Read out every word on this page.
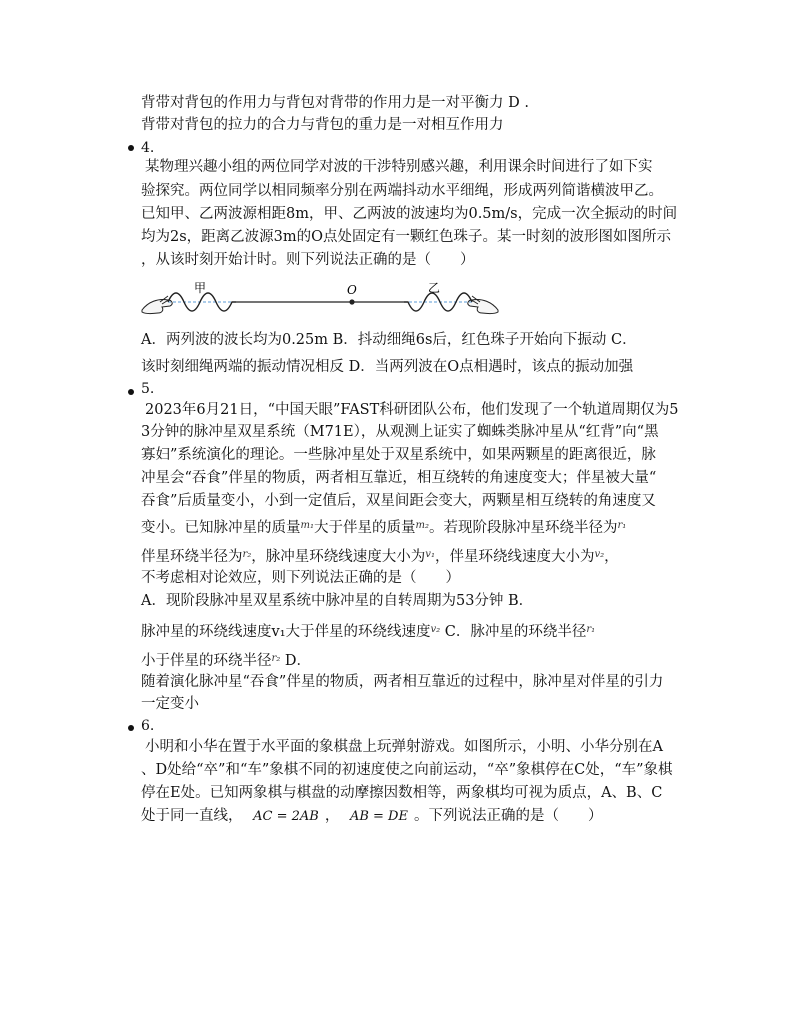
背带对背包的作用力与背包对背带的作用力是一对平衡力 D .
背带对背包的拉力的合力与背包的重力是一对相互作用力
4.
某物理兴趣小组的两位同学对波的干涉特别感兴趣，利用课余时间进行了如下实
验探究。两位同学以相同频率分别在两端抖动水平细绳，形成两列简谐横波甲乙。
已知甲、乙两波源相距8m，甲、乙两波的波速均为0.5m/s，完成一次全振动的时间
均为2s，距离乙波源3m的O点处固定有一颗红色珠子。某一时刻的波形图如图所示
，从该时刻开始计时。则下列说法正确的是（　　）
甲	O	乙
A．两列波的波长均为0.25m B．抖动细绳6s后，红色珠子开始向下振动 C．
该时刻细绳两端的振动情况相反 D．当两列波在O点相遇时，该点的振动加强
5.
2023年6月21日，“中国天眼”FAST科研团队公布，他们发现了一个轨道周期仅为5
3分钟的脉冲星双星系统（M71E），从观测上证实了蜘蛛类脉冲星从“红背”向“黑
寡妇”系统演化的理论。一些脉冲星处于双星系统中，如果两颗星的距离很近，脉
冲星会“吞食”伴星的物质，两者相互靠近，相互绕转的角速度变大；伴星被大量“
吞食”后质量变小，小到一定值后，双星间距会变大，两颗星相互绕转的角速度又
变小。已知脉冲星的质量$^{m_1}$大于伴星的质量$^{m_2}$。若现阶段脉冲星环绕半径为$^{r_1}$
伴星环绕半径为$^{r_2}$，脉冲星环绕线速度大小为$^{v_1}$，伴星环绕线速度大小为$^{v_2}$，
不考虑相对论效应，则下列说法正确的是（　　）
A．现阶段脉冲星双星系统中脉冲星的自转周期为53分钟 B．
脉冲星的环绕线速度v₁大于伴星的环绕线速度$^{v_2}$ C．脉冲星的环绕半径$^{r_1}$
小于伴星的环绕半径$^{r_2}$ D．
随着演化脉冲星“吞食”伴星的物质，两者相互靠近的过程中，脉冲星对伴星的引力
一定变小
6.
小明和小华在置于水平面的象棋盘上玩弹射游戏。如图所示，小明、小华分别在A
、D处给“卒”和“车”象棋不同的初速度使之向前运动，“卒”象棋停在C处，“车”象棋
停在E处。已知两象棋与棋盘的动摩擦因数相等，两象棋均可视为质点，A、B、C
处于同一直线， AC = 2AB ， AB = DE 。下列说法正确的是（　　）
